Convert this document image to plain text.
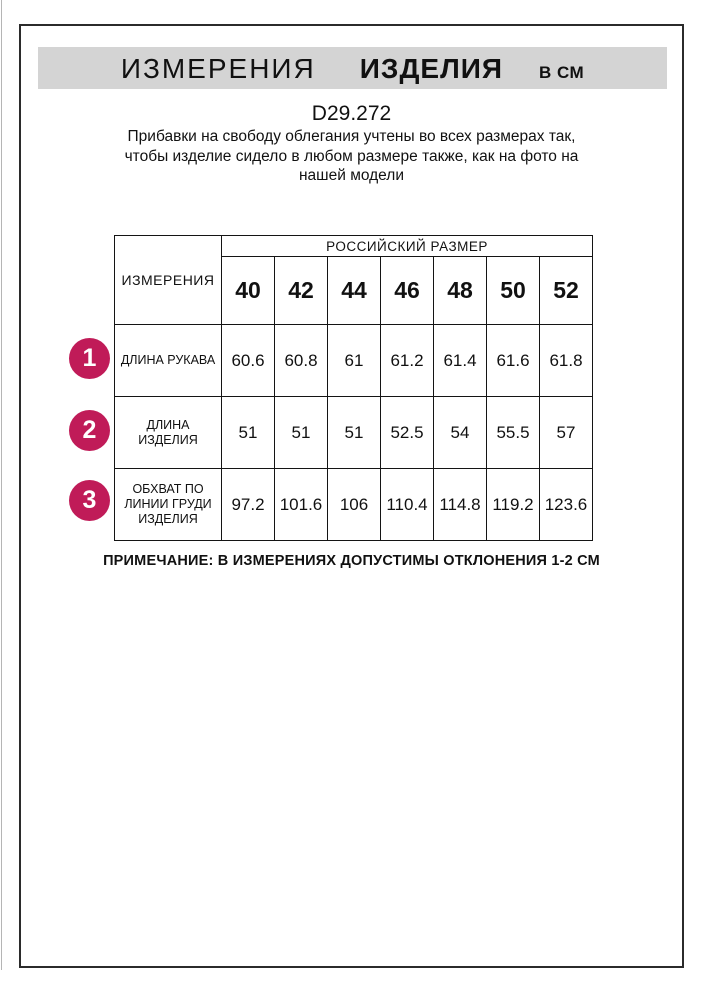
ИЗМЕРЕНИЯ ИЗДЕЛИЯ В СМ
D29.272
Прибавки на свободу облегания учтены во всех размерах так,
чтобы изделие сидело в любом размере также, как на фото на
нашей модели
ИЗМЕРЕНИЯ	РОССИЙСКИЙ РАЗМЕР						
	40	42	44	46	48	50	52
ДЛИНА РУКАВА	60.6	60.8	61	61.2	61.4	61.6	61.8
ДЛИНА ИЗДЕЛИЯ	51	51	51	52.5	54	55.5	57
ОБХВАТ ПО ЛИНИИ ГРУДИ ИЗДЕЛИЯ	97.2	101.6	106	110.4	114.8	119.2	123.6
1
2
3
ПРИМЕЧАНИЕ: В ИЗМЕРЕНИЯХ ДОПУСТИМЫ ОТКЛОНЕНИЯ 1-2 СМ
